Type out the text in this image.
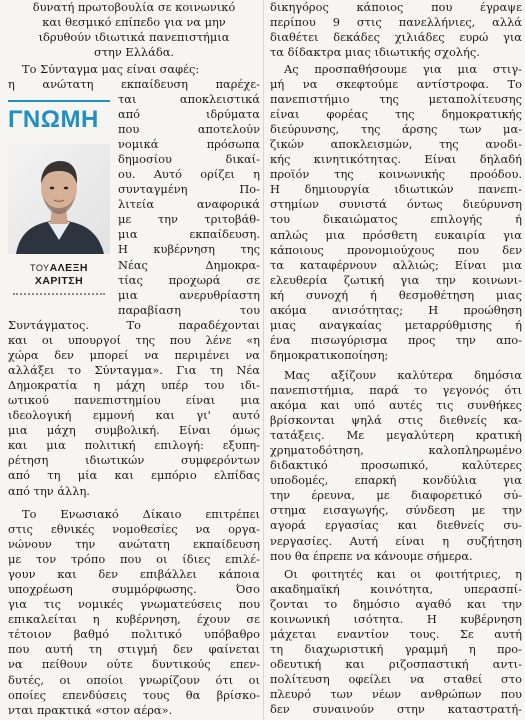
δυνατή πρωτοβουλία σε κοινωνικό
και θεσμικό επίπεδο για να μην
ιδρυθούν ιδιωτικά πανεπιστήμια
στην Ελλάδα.
Το Σύνταγμα μας είναι σαφές:
η ανώτατη εκπαίδευση παρέχε-
ΓΝΩΜΗ
ΤΟΥΑΛΕΞΗ
ΧΑΡΙΤΣΗ
ται αποκλειστικά
από ιδρύματα
που αποτελούν
νομικά πρόσωπα
δημοσίου δικαί-
ου. Αυτό ορίζει η
συνταγμένη Πο-
λιτεία αναφορικά
με την τριτοβάθ-
μια εκπαίδευση.
Η κυβέρνηση της
Νέας Δημοκρα-
τίας προχωρά σε
μια ανερυθρίαστη
παραβίαση του
Συντάγματος. Το παραδέχονται
και οι υπουργοί της που λένε «η
χώρα δεν μπορεί να περιμένει να
αλλάξει το Σύνταγμα». Για τη Νέα
Δημοκρατία η μάχη υπέρ του ιδι-
ωτικού πανεπιστημίου είναι μια
ιδεολογική εμμονή και γι' αυτό
μια μάχη συμβολική. Είναι όμως
και μια πολιτική επιλογή: εξυπη-
ρέτηση ιδιωτικών συμφερόντων
από τη μία και εμπόριο ελπίδας
από την άλλη.
Το Ενωσιακό Δίκαιο επιτρέπει
στις εθνικές νομοθεσίες να οργα-
νώνουν την ανώτατη εκπαίδευση
με τον τρόπο που οι ίδιες επιλέ-
γουν και δεν επιβάλλει κάποια
υποχρέωση συμμόρφωσης. Όσο
για τις νομικές γνωματεύσεις που
επικαλείται η κυβέρνηση, έχουν σε
τέτοιον βαθμό πολιτικό υπόβαθρο
που αυτή τη στιγμή δεν φαίνεται
να πείθουν ούτε δυντικούς επεν-
δυτές, οι οποίοι γνωρίζουν ότι οι
οποίες επενδύσεις τους θα βρίσκο-
νται πρακτικά «στον αέρα».
δικηγόρος κάποιος που έγραψε
περίπου 9 στις πανελλήνιες, αλλά
διαθέτει δεκάδες χιλιάδες ευρώ για
τα δίδακτρα μιας ιδιωτικής σχολής.
Ας προσπαθήσουμε για μια στιγ-
μή να σκεφτούμε αντίστροφα. Το
πανεπιστήμιο της μεταπολίτευσης
είναι φορέας της δημοκρατικής
διεύρυνσης, της άρσης των μα-
ζικών αποκλεισμών, της ανοδι-
κής κινητικότητας. Είναι δηλαδή
προϊόν της κοινωνικής προόδου.
Η δημιουργία ιδιωτικών πανεπι-
στημίων συνιστά όντως διεύρυνση
του δικαιώματος επιλογής ή
απλώς μια πρόσθετη ευκαιρία για
κάποιους προνομιούχους που δεν
τα καταφέρνουν αλλιώς; Είναι μια
ελευθερία ζωτική για την κοινωνι-
κή συνοχή ή θεσμοθέτηση μιας
ακόμα ανισότητας; Η προώθηση
μιας αναγκαίας μεταρρύθμισης ή
ένα πισωγύρισμα προς την απο-
δημοκρατικοποίηση;
Μας αξίζουν καλύτερα δημόσια
πανεπιστήμια, παρά το γεγονός ότι
ακόμα και υπό αυτές τις συνθήκες
βρίσκονται ψηλά στις διεθνείς κα-
τατάξεις. Με μεγαλύτερη κρατική
χρηματοδότηση, καλοπληρωμένο
διδακτικό προσωπικό, καλύτερες
υποδομές, επαρκή κονδύλια για
την έρευνα, με διαφορετικό σύ-
στημα εισαγωγής, σύνδεση με την
αγορά εργασίας και διεθνείς συ-
νεργασίες. Αυτή είναι η συζήτηση
που θα έπρεπε να κάνουμε σήμερα.
Οι φοιτητές και οι φοιτήτριες, η
ακαδημαϊκή κοινότητα, υπερασπί-
ζονται το δημόσιο αγαθό και την
κοινωνική ισότητα. Η κυβέρνηση
μάχεται εναντίον τους. Σε αυτή
τη διαχωριστική γραμμή η προ-
οδευτική και ριζοσπαστική αντι-
πολίτευση οφείλει να σταθεί στο
πλευρό των νέων ανθρώπων που
δεν συναινούν στην καταστρατή-
